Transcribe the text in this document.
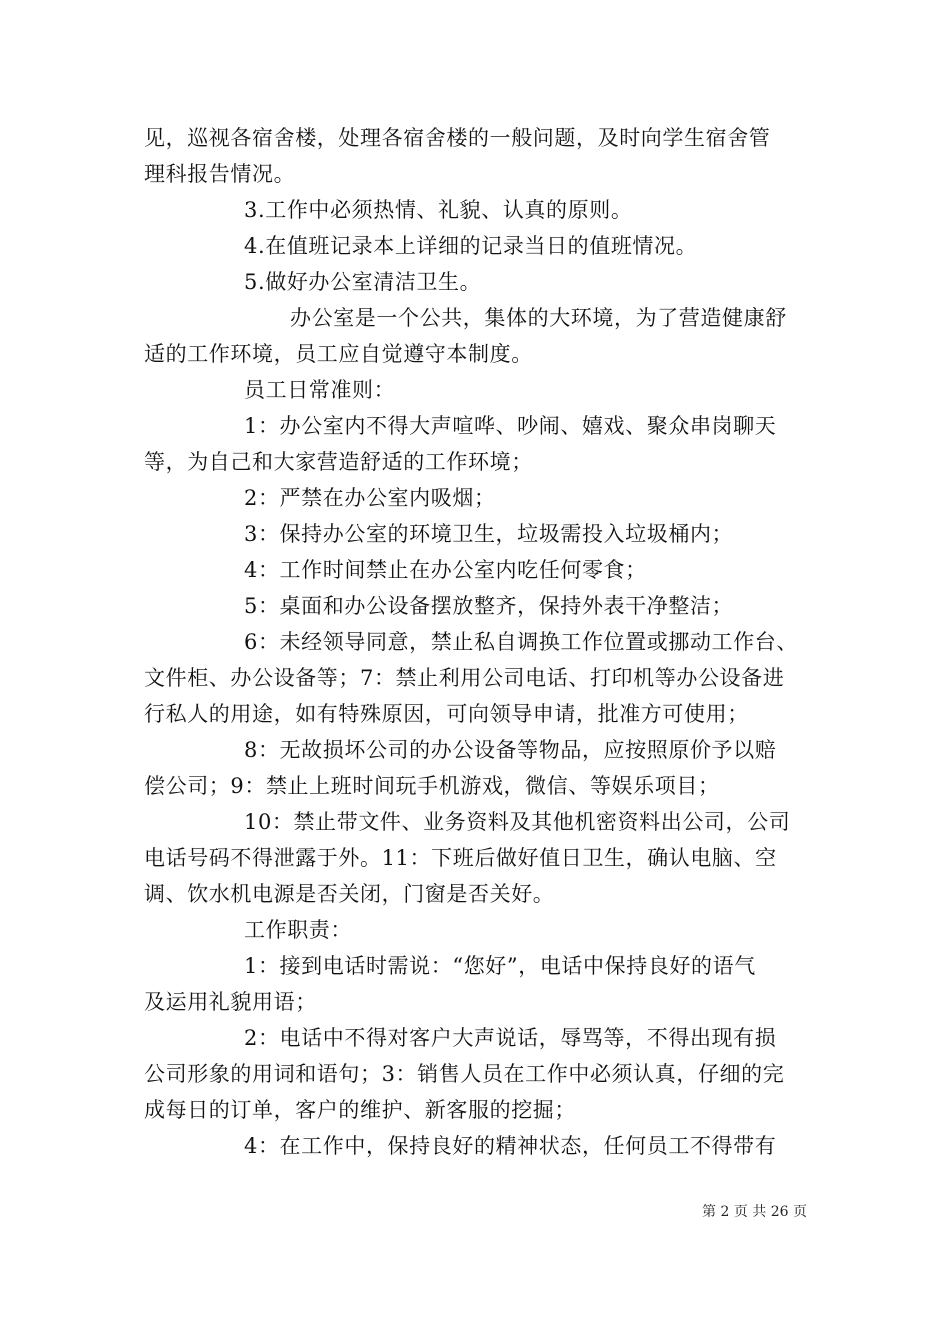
见，巡视各宿舍楼，处理各宿舍楼的一般问题，及时向学生宿舍管
理科报告情况。
3.工作中必须热情、礼貌、认真的原则。
4.在值班记录本上详细的记录当日的值班情况。
5.做好办公室清洁卫生。
办公室是一个公共，集体的大环境，为了营造健康舒
适的工作环境，员工应自觉遵守本制度。
员工日常准则：
1：办公室内不得大声喧哗、吵闹、嬉戏、聚众串岗聊天
等，为自己和大家营造舒适的工作环境；
2：严禁在办公室内吸烟；
3：保持办公室的环境卫生，垃圾需投入垃圾桶内；
4：工作时间禁止在办公室内吃任何零食；
5：桌面和办公设备摆放整齐，保持外表干净整洁；
6：未经领导同意，禁止私自调换工作位置或挪动工作台、
文件柜、办公设备等；7：禁止利用公司电话、打印机等办公设备进
行私人的用途，如有特殊原因，可向领导申请，批准方可使用；
8：无故损坏公司的办公设备等物品，应按照原价予以赔
偿公司；9：禁止上班时间玩手机游戏，微信、等娱乐项目；
10：禁止带文件、业务资料及其他机密资料出公司，公司
电话号码不得泄露于外。11：下班后做好值日卫生，确认电脑、空
调、饮水机电源是否关闭，门窗是否关好。
工作职责：
1：接到电话时需说：“您好”，电话中保持良好的语气
及运用礼貌用语；
2：电话中不得对客户大声说话，辱骂等，不得出现有损
公司形象的用词和语句；3：销售人员在工作中必须认真，仔细的完
成每日的订单，客户的维护、新客服的挖掘；
4：在工作中，保持良好的精神状态，任何员工不得带有
第 2 页 共 26 页
